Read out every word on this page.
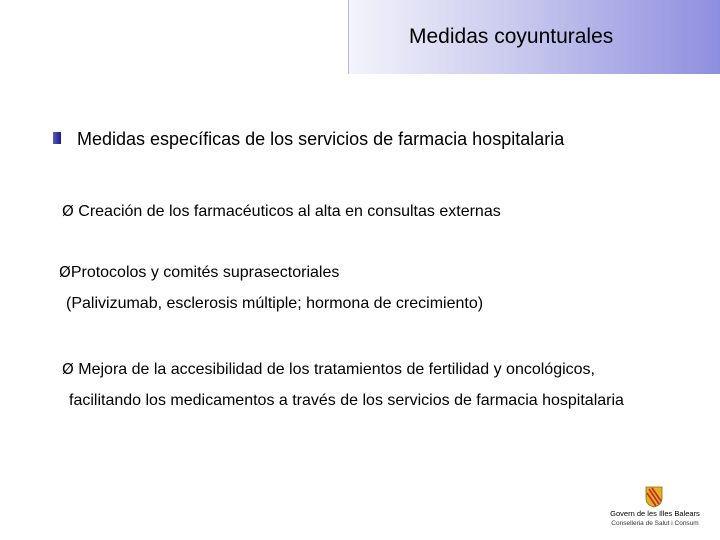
Medidas coyunturales
Medidas específicas de los servicios de farmacia hospitalaria
Ø Creación de los farmacéuticos al alta en consultas externas
ØProtocolos y comités suprasectoriales
(Palivizumab, esclerosis múltiple; hormona de crecimiento)
Ø Mejora de la accesibilidad de los tratamientos de fertilidad y oncológicos,
facilitando los medicamentos a través de los servicios de farmacia hospitalaria
Govern de les Illes Balears
Conselleria de Salut i Consum
